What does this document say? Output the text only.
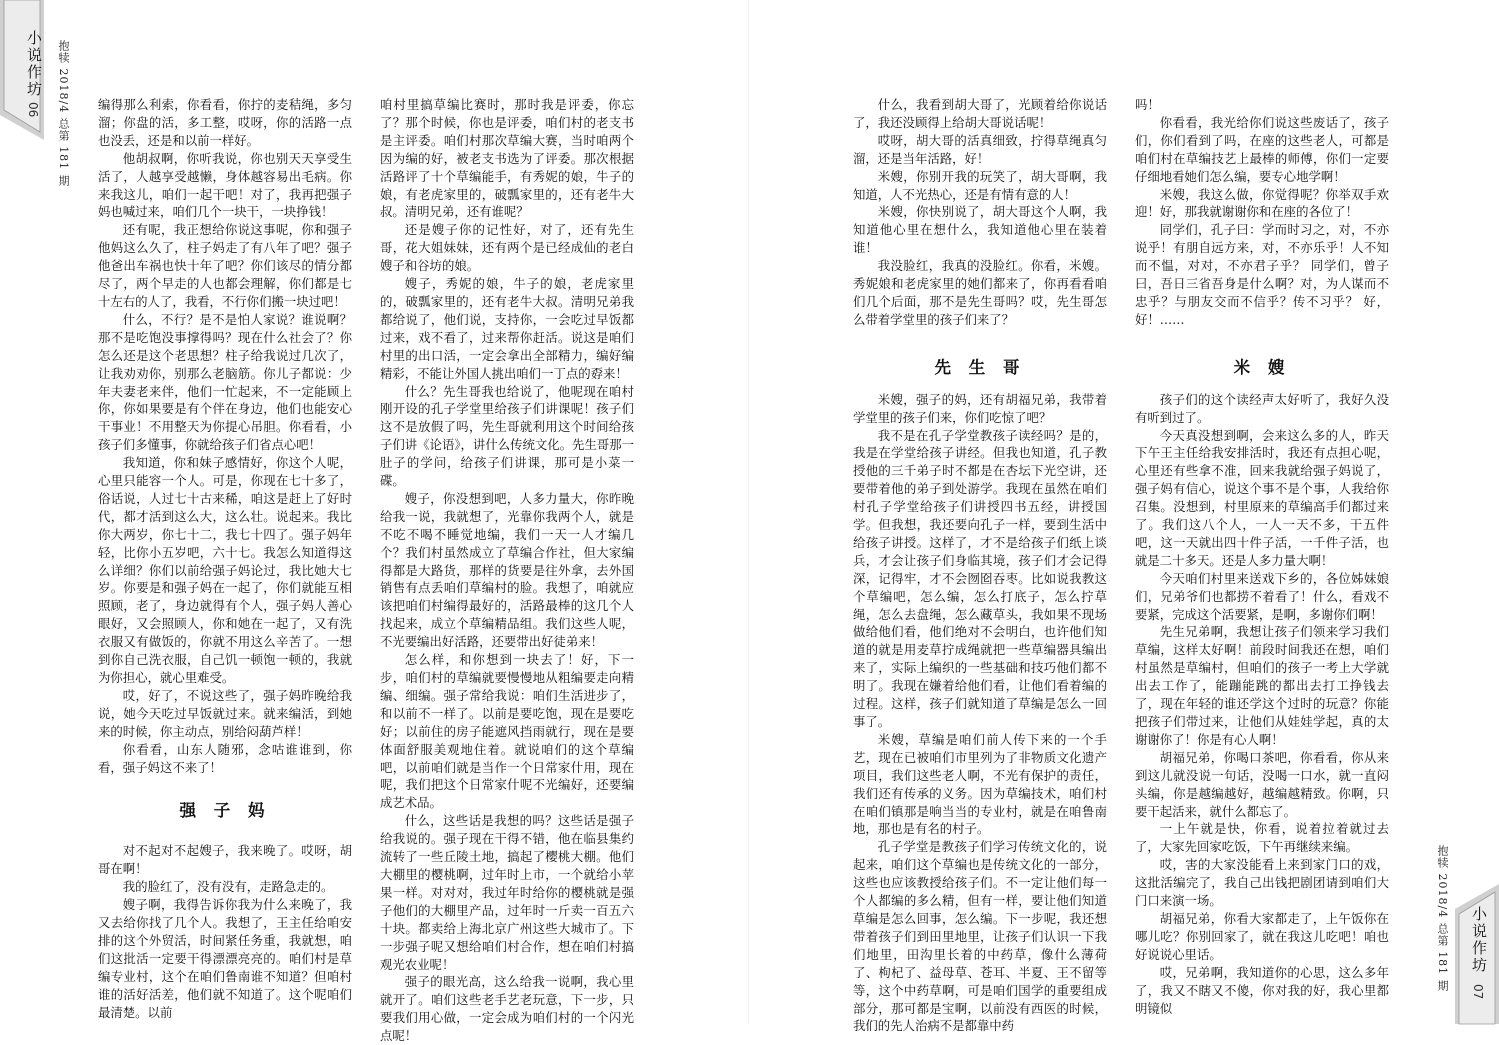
小说作坊
06 抱犊 2018/4 总第 181 期
小说作坊
07
抱犊 2018/4 总第 181 期

编得那么利索，你看看，你拧的麦秸绳，多匀溜；你盘的活，多工整，哎呀，你的活路一点也没丢，还是和以前一样好。

他胡叔啊，你听我说，你也别天天享受生活了，人越享受越懒，身体越容易出毛病。你来我这儿，咱们一起干吧！对了，我再把强子妈也喊过来，咱们几个一块干，一块挣钱！

还有呢，我正想给你说这事呢，你和强子他妈这么久了，柱子妈走了有八年了吧？强子他爸出车祸也快十年了吧？你们该尽的情分都尽了，两个早走的人也都会理解，你们都是七十左右的人了，我看，不行你们搬一块过吧！

什么，不行？是不是怕人家说？谁说啊？那不是吃饱没事撑得吗？现在什么社会了？你怎么还是这个老思想？柱子给我说过几次了，让我劝劝你，别那么老脑筋。你儿子都说：少年夫妻老来伴，他们一忙起来，不一定能顾上你，你如果要是有个伴在身边，他们也能安心干事业！不用整天为你提心吊胆。你看看，小孩子们多懂事，你就给孩子们省点心吧！

我知道，你和妹子感情好，你这个人呢，心里只能容一个人。可是，你现在七十多了，俗话说，人过七十古来稀，咱这是赶上了好时代，都才活到这么大，这么壮。说起来。我比你大两岁，你七十二，我七十四了。强子妈年轻，比你小五岁吧，六十七。我怎么知道得这么详细？你们以前给强子妈论过，我比她大七岁。你要是和强子妈在一起了，你们就能互相照顾，老了，身边就得有个人，强子妈人善心眼好，又会照顾人，你和她在一起了，又有洗衣服又有做饭的，你就不用这么辛苦了。一想到你自己洗衣服，自己饥一顿饱一顿的，我就为你担心，就心里难受。

哎，好了，不说这些了，强子妈昨晚给我说，她今天吃过早饭就过来。就来编活，到她来的时候，你主动点，别给闷葫芦样！

你看看，山东人随邪，念咕谁谁到，你看，强子妈这不来了！

强 子 妈

对不起对不起嫂子，我来晚了。哎呀，胡哥在啊！

我的脸红了，没有没有，走路急走的。

嫂子啊，我得告诉你我为什么来晚了，我又去给你找了几个人。我想了，王主任给咱安排的这个外贸活，时间紧任务重，我就想，咱们这批活一定要干得漂漂亮亮的。咱们村是草编专业村，这个在咱们鲁南谁不知道？但咱村谁的活好活差，他们就不知道了。这个呢咱们最清楚。以前

咱村里搞草编比赛时，那时我是评委，你忘了？那个时候，你也是评委，咱们村的老支书是主评委。咱们村那次草编大赛，当时咱两个因为编的好，被老支书选为了评委。那次根据活路评了十个草编能手，有秀妮的娘，牛子的娘，有老虎家里的，破瓢家里的，还有老牛大叔。清明兄弟，还有谁呢？

还是嫂子你的记性好，对了，还有先生哥，花大姐妹妹，还有两个是已经成仙的老白嫂子和谷坊的娘。

嫂子，秀妮的娘，牛子的娘，老虎家里的，破瓢家里的，还有老牛大叔。清明兄弟我都给说了，他们说，支持你，一会吃过早饭都过来，戏不看了，过来帮你赶活。说这是咱们村里的出口活，一定会拿出全部精力，编好编精彩，不能让外国人挑出咱们一丁点的孬来！

什么？先生哥我也给说了，他呢现在咱村刚开设的孔子学堂里给孩子们讲课呢！孩子们这不是放假了吗，先生哥就利用这个时间给孩子们讲《论语》，讲什么传统文化。先生哥那一肚子的学问，给孩子们讲课，那可是小菜一碟。

嫂子，你没想到吧，人多力量大，你昨晚给我一说，我就想了，光靠你我两个人，就是不吃不喝不睡觉地编，我们一天一人才编几个？我们村虽然成立了草编合作社，但大家编得都是大路货，那样的货要是往外拿，去外国销售有点丢咱们草编村的脸。我想了，咱就应该把咱们村编得最好的，活路最棒的这几个人找起来，成立个草编精品组。我们这些人呢，不光要编出好活路，还要带出好徒弟来！

怎么样，和你想到一块去了！好，下一步，咱们村的草编就要慢慢地从粗编要走向精编、细编。强子常给我说：咱们生活进步了，和以前不一样了。以前是要吃饱，现在是要吃好；以前住的房子能遮风挡雨就行，现在是要体面舒服美观地住着。就说咱们的这个草编吧，以前咱们就是当作一个日常家什用，现在呢，我们把这个日常家什呢不光编好，还要编成艺术品。

什么，这些话是我想的吗？这些话是强子给我说的。强子现在干得不错，他在临县集约流转了一些丘陵土地，搞起了樱桃大棚。他们大棚里的樱桃啊，过年时上市，一个就给小苹果一样。对对对，我过年时给你的樱桃就是强子他们的大棚里产品，过年时一斤卖一百五六十块。都卖给上海北京广州这些大城市了。下一步强子呢又想给咱们村合作，想在咱们村搞观光农业呢！

强子的眼光高，这么给我一说啊，我心里就开了。咱们这些老手艺老玩意，下一步，只要我们用心做，一定会成为咱们村的一个闪光点呢！

什么，我看到胡大哥了，光顾着给你说话了，我还没顾得上给胡大哥说话呢！

哎呀，胡大哥的活真细致，拧得草绳真匀溜，还是当年活路，好！

米嫂，你别开我的玩笑了，胡大哥啊，我知道，人不光热心，还是有情有意的人！

米嫂，你快别说了，胡大哥这个人啊，我知道他心里在想什么，我知道他心里在装着谁！

我没脸红，我真的没脸红。你看，米嫂。秀妮娘和老虎家里的她们都来了，你再看看咱们几个后面，那不是先生哥吗？哎，先生哥怎么带着学堂里的孩子们来了？

先 生 哥

米嫂，强子的妈，还有胡福兄弟，我带着学堂里的孩子们来，你们吃惊了吧？

我不是在孔子学堂教孩子读经吗？是的，我是在学堂给孩子讲经。但我也知道，孔子教授他的三千弟子时不都是在杏坛下光空讲，还要带着他的弟子到处游学。我现在虽然在咱们村孔子学堂给孩子们讲授四书五经，讲授国学。但我想，我还要向孔子一样，要到生活中给孩子讲授。这样了，才不是给孩子们纸上谈兵，才会让孩子们身临其境，孩子们才会记得深，记得牢，才不会囫囵吞枣。比如说我教这个草编吧，怎么编，怎么打底子，怎么拧草绳，怎么去盘绳，怎么藏草头，我如果不现场做给他们看，他们绝对不会明白，也许他们知道的就是用麦草拧成绳就把一些草编器具编出来了，实际上编织的一些基础和技巧他们都不明了。我现在嫌着给他们看，让他们看着编的过程。这样，孩子们就知道了草编是怎么一回事了。

米嫂，草编是咱们前人传下来的一个手艺，现在已被咱们市里列为了非物质文化遗产项目，我们这些老人啊，不光有保护的责任，我们还有传承的义务。因为草编技术，咱们村在咱们镇那是响当当的专业村，就是在咱鲁南地，那也是有名的村子。

孔子学堂是教孩子们学习传统文化的，说起来，咱们这个草编也是传统文化的一部分，这些也应该教授给孩子们。不一定让他们每一个人都编的多么精，但有一样，要让他们知道草编是怎么回事，怎么编。下一步呢，我还想带着孩子们到田里地里，让孩子们认识一下我们地里，田沟里长着的中药草，像什么薄荷了、枸杞了、益母草、苍耳、半夏、王不留等等，这个中药草啊，可是咱们国学的重要组成部分，那可都是宝啊，以前没有西医的时候，我们的先人治病不是都靠中药

吗！

你看看，我光给你们说这些废话了，孩子们，你们看到了吗，在座的这些老人，可都是咱们村在草编技艺上最棒的师傅，你们一定要仔细地看她们怎么编，要专心地学啊！

米嫂，我这么做，你觉得呢？你举双手欢迎！好，那我就谢谢你和在座的各位了！

同学们，孔子曰：学而时习之，对，不亦说乎！有朋自远方来，对，不亦乐乎！人不知而不愠，对对，不亦君子乎？ 同学们，曾子曰，吾日三省吾身是什么啊？对，为人谋而不忠乎？与朋友交而不信乎？传不习乎？ 好，好！……

米 嫂

孩子们的这个读经声太好听了，我好久没有听到过了。

今天真没想到啊，会来这么多的人，昨天下午王主任给我安排活时，我还有点担心呢，心里还有些拿不准，回来我就给强子妈说了，强子妈有信心，说这个事不是个事，人我给你召集。没想到，村里原来的草编高手们都过来了。我们这八个人，一人一天不多，干五件吧，这一天就出四十件子活，一千件子活，也就是二十多天。还是人多力量大啊！

今天咱们村里来送戏下乡的，各位姊妹娘们，兄弟爷们也都捞不着看了！什么，看戏不要紧，完成这个活要紧，是啊，多谢你们啊！

先生兄弟啊，我想让孩子们领来学习我们草编，这样太好啊！前段时间我还在想，咱们村虽然是草编村，但咱们的孩子一考上大学就出去工作了，能蹦能跳的都出去打工挣钱去了，现在年轻的谁还学这个过时的玩意？你能把孩子们带过来，让他们从娃娃学起，真的太谢谢你了！你是有心人啊！

胡福兄弟，你喝口茶吧，你看看，你从来到这儿就没说一句话，没喝一口水，就一直闷头编，你是越编越好，越编越精致。你啊，只要干起活来，就什么都忘了。

一上午就是快，你看，说着拉着就过去了，大家先回家吃饭，下午再继续来编。

哎，害的大家没能看上来到家门口的戏，这批活编完了，我自己出钱把剧团请到咱们大门口来演一场。

胡福兄弟，你看大家都走了，上午饭你在哪儿吃？你别回家了，就在我这儿吃吧！咱也好说说心里话。

哎，兄弟啊，我知道你的心思，这么多年了，我又不瞎又不傻，你对我的好，我心里都明镜似
